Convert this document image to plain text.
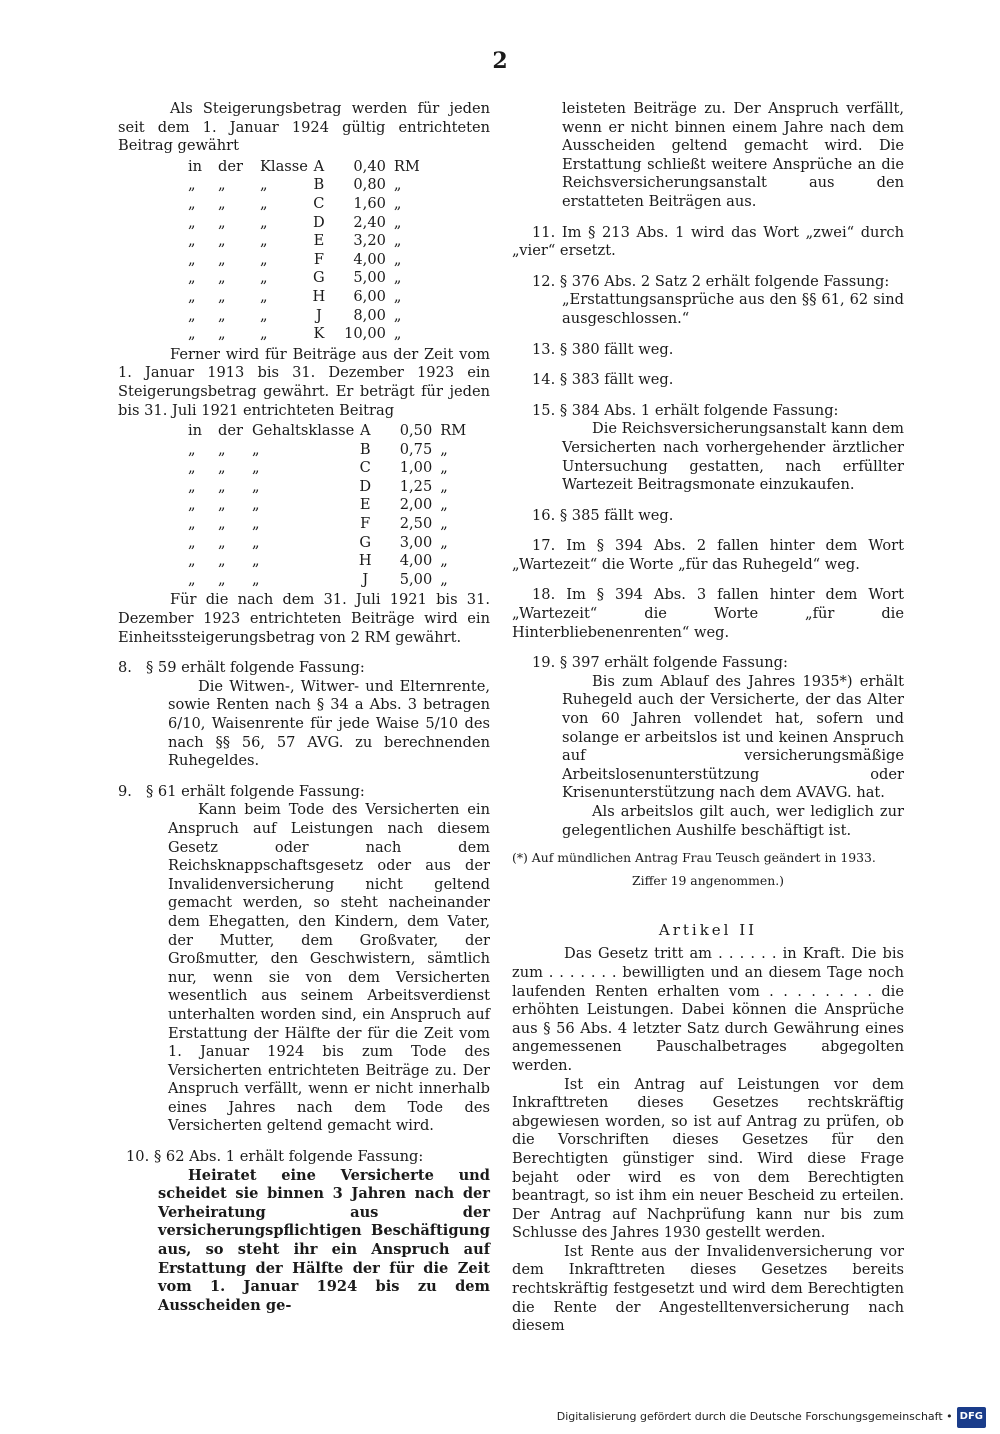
2

Als Steigerungsbetrag werden für jeden seit dem 1. Januar 1924 gültig entrichteten Beitrag gewährt

in	der	Klasse	A	0,40	RM
„	„	„	B	0,80	„
„	„	„	C	1,60	„
„	„	„	D	2,40	„
„	„	„	E	3,20	„
„	„	„	F	4,00	„
„	„	„	G	5,00	„
„	„	„	H	6,00	„
„	„	„	J	8,00	„
„	„	„	K	10,00	„

Ferner wird für Beiträge aus der Zeit vom 1. Januar 1913 bis 31. Dezember 1923 ein Steigerungsbetrag gewährt. Er beträgt für jeden bis 31. Juli 1921 entrichteten Beitrag

in	der	Gehaltsklasse	A	0,50	RM
„	„	„	B	0,75	„
„	„	„	C	1,00	„
„	„	„	D	1,25	„
„	„	„	E	2,00	„
„	„	„	F	2,50	„
„	„	„	G	3,00	„
„	„	„	H	4,00	„
„	„	„	J	5,00	„

Für die nach dem 31. Juli 1921 bis 31. Dezember 1923 entrichteten Beiträge wird ein Einheitssteigerungsbetrag von 2 RM gewährt.

8. § 59 erhält folgende Fassung:

Die Witwen-, Witwer- und Elternrente, sowie Renten nach § 34 a Abs. 3 betragen 6/10, Waisenrente für jede Waise 5/10 des nach §§ 56, 57 AVG. zu berechnenden Ruhegeldes.

9. § 61 erhält folgende Fassung:

Kann beim Tode des Versicherten ein Anspruch auf Leistungen nach diesem Gesetz oder nach dem Reichsknappschaftsgesetz oder aus der Invalidenversicherung nicht geltend gemacht werden, so steht nacheinander dem Ehegatten, den Kindern, dem Vater, der Mutter, dem Großvater, der Großmutter, den Geschwistern, sämtlich nur, wenn sie von dem Versicherten wesentlich aus seinem Arbeitsverdienst unterhalten worden sind, ein Anspruch auf Erstattung der Hälfte der für die Zeit vom 1. Januar 1924 bis zum Tode des Versicherten entrichteten Beiträge zu. Der Anspruch verfällt, wenn er nicht innerhalb eines Jahres nach dem Tode des Versicherten geltend gemacht wird.

10. § 62 Abs. 1 erhält folgende Fassung:

Heiratet eine Versicherte und scheidet sie binnen 3 Jahren nach der Verheiratung aus der versicherungspflichtigen Beschäftigung aus, so steht ihr ein Anspruch auf Erstattung der Hälfte der für die Zeit vom 1. Januar 1924 bis zu dem Ausscheiden ge-

leisteten Beiträge zu. Der Anspruch verfällt, wenn er nicht binnen einem Jahre nach dem Ausscheiden geltend gemacht wird. Die Erstattung schließt weitere Ansprüche an die Reichsversicherungsanstalt aus den erstatteten Beiträgen aus.

11. Im § 213 Abs. 1 wird das Wort „zwei“ durch „vier“ ersetzt.

12. § 376 Abs. 2 Satz 2 erhält folgende Fassung:

„Erstattungsansprüche aus den §§ 61, 62 sind ausgeschlossen.“

13. § 380 fällt weg.

14. § 383 fällt weg.

15. § 384 Abs. 1 erhält folgende Fassung:

Die Reichsversicherungsanstalt kann dem Versicherten nach vorhergehender ärztlicher Untersuchung gestatten, nach erfüllter Wartezeit Beitragsmonate einzukaufen.

16. § 385 fällt weg.

17. Im § 394 Abs. 2 fallen hinter dem Wort „Wartezeit“ die Worte „für das Ruhegeld“ weg.

18. Im § 394 Abs. 3 fallen hinter dem Wort „Wartezeit“ die Worte „für die Hinterbliebenenrenten“ weg.

19. § 397 erhält folgende Fassung:

Bis zum Ablauf des Jahres 1935*) erhält Ruhegeld auch der Versicherte, der das Alter von 60 Jahren vollendet hat, sofern und solange er arbeitslos ist und keinen Anspruch auf versicherungsmäßige Arbeitslosenunterstützung oder Krisenunterstützung nach dem AVAVG. hat.

Als arbeitslos gilt auch, wer lediglich zur gelegentlichen Aushilfe beschäftigt ist.

(*) Auf mündlichen Antrag Frau Teusch geändert in 1933.

Ziffer 19 angenommen.)

Artikel II

Das Gesetz tritt am . . . . . . in Kraft. Die bis zum . . . . . . . bewilligten und an diesem Tage noch laufenden Renten erhalten vom . . . . . . . . die erhöhten Leistungen. Dabei können die Ansprüche aus § 56 Abs. 4 letzter Satz durch Gewährung eines angemessenen Pauschalbetrages abgegolten werden.

Ist ein Antrag auf Leistungen vor dem Inkrafttreten dieses Gesetzes rechtskräftig abgewiesen worden, so ist auf Antrag zu prüfen, ob die Vorschriften dieses Gesetzes für den Berechtigten günstiger sind. Wird diese Frage bejaht oder wird es von dem Berechtigten beantragt, so ist ihm ein neuer Bescheid zu erteilen. Der Antrag auf Nachprüfung kann nur bis zum Schlusse des Jahres 1930 gestellt werden.

Ist Rente aus der Invalidenversicherung vor dem Inkrafttreten dieses Gesetzes bereits rechtskräftig festgesetzt und wird dem Berechtigten die Rente der Angestelltenversicherung nach diesem

Digitalisierung gefördert durch die Deutsche Forschungsgemeinschaft • DFG
